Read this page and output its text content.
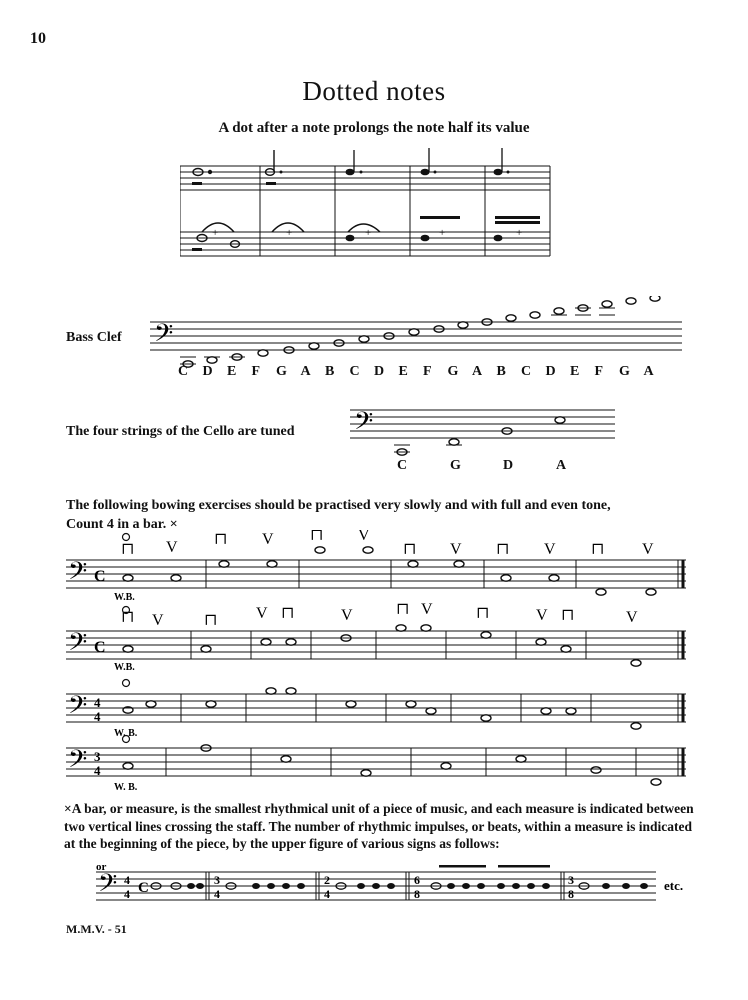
10
Dotted notes
A dot after a note prolongs the note half its value
+	+	+	+	+
Bass Clef 𝄢
C	D	E	F	G A	B	C	D	E	F	G A	B	C	D	E	F	G A
The four strings of the Cello are tuned 𝄢
C	G	D	A
The following bowing exercises should be practised very slowly and with full and even tone,
Count 4 in a bar. ×
𝄢
𝄢
𝄢
𝄢
⊓ V ⊓ V ⊓ V
⊓ V ⊓ V ⊓ V
⊓ V	⊓ V ⊓	V	⊓ V	⊓	V ⊓	V
C
C
4
4
3
4
W.B.
W.B.
W. B.
W. B.
×A bar, or measure, is the smallest rhythmical unit of a piece of music, and each measure is indicated between two vertical lines crossing the staff. The number of rhythmic impulses, or beats, within a measure is indicated at the beginning of the piece, by the upper figure of various signs as follows:
𝄢
or
4
4 C	3
4
2
4
6
8
3
8
etc.
M.M.V. - 51
